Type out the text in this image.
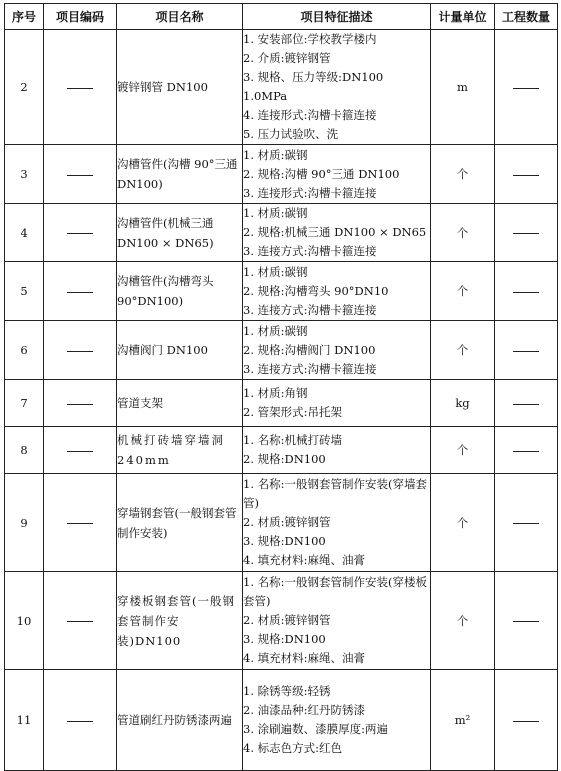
序号	项目编码	项目名称	项目特征描述	计量单位	工程数量
2		镀锌钢管 DN100	1. 安装部位:学校教学楼内
2. 介质:镀锌钢管
3. 规格、压力等级:DN100 1.0MPa
4. 连接形式:沟槽卡箍连接
5. 压力试验吹、洗	m	
3		沟槽管件(沟槽 90°三通 DN100)	1. 材质:碳钢
2. 规格:沟槽 90°三通 DN100
3. 连接形式:沟槽卡箍连接	个	
4		沟槽管件(机械三通 DN100 × DN65)	1. 材质:碳钢
2. 规格:机械三通 DN100 × DN65
3. 连接方式:沟槽卡箍连接	个	
5		沟槽管件(沟槽弯头 90°DN100)	1. 材质:碳钢
2. 规格:沟槽弯头 90°DN10
3. 连接方式:沟槽卡箍连接	个	
6		沟槽阀门 DN100	1. 材质:碳钢
2. 规格:沟槽阀门 DN100
3. 连接方式:沟槽卡箍连接	个	
7		管道支架	1. 材质:角钢
2. 管架形式:吊托架	kg	
8		机械打砖墙穿墙洞 240mm	1. 名称:机械打砖墙
2. 规格:DN100	个	
9		穿墙钢套管(一般钢套管制作安装)	1. 名称:一般钢套管制作安装(穿墙套管)
2. 材质:镀锌钢管
3. 规格:DN100
4. 填充材料:麻绳、油膏	个	
10		穿楼板钢套管(一般钢套管制作安装)DN100	1. 名称:一般钢套管制作安装(穿楼板套管)
2. 材质:镀锌钢管
3. 规格:DN100
4. 填充材料:麻绳、油膏	个	
11		管道刷红丹防锈漆两遍	1. 除锈等级:轻锈
2. 油漆品种:红丹防锈漆
3. 涂刷遍数、漆膜厚度:两遍
4. 标志色方式:红色	m²	
